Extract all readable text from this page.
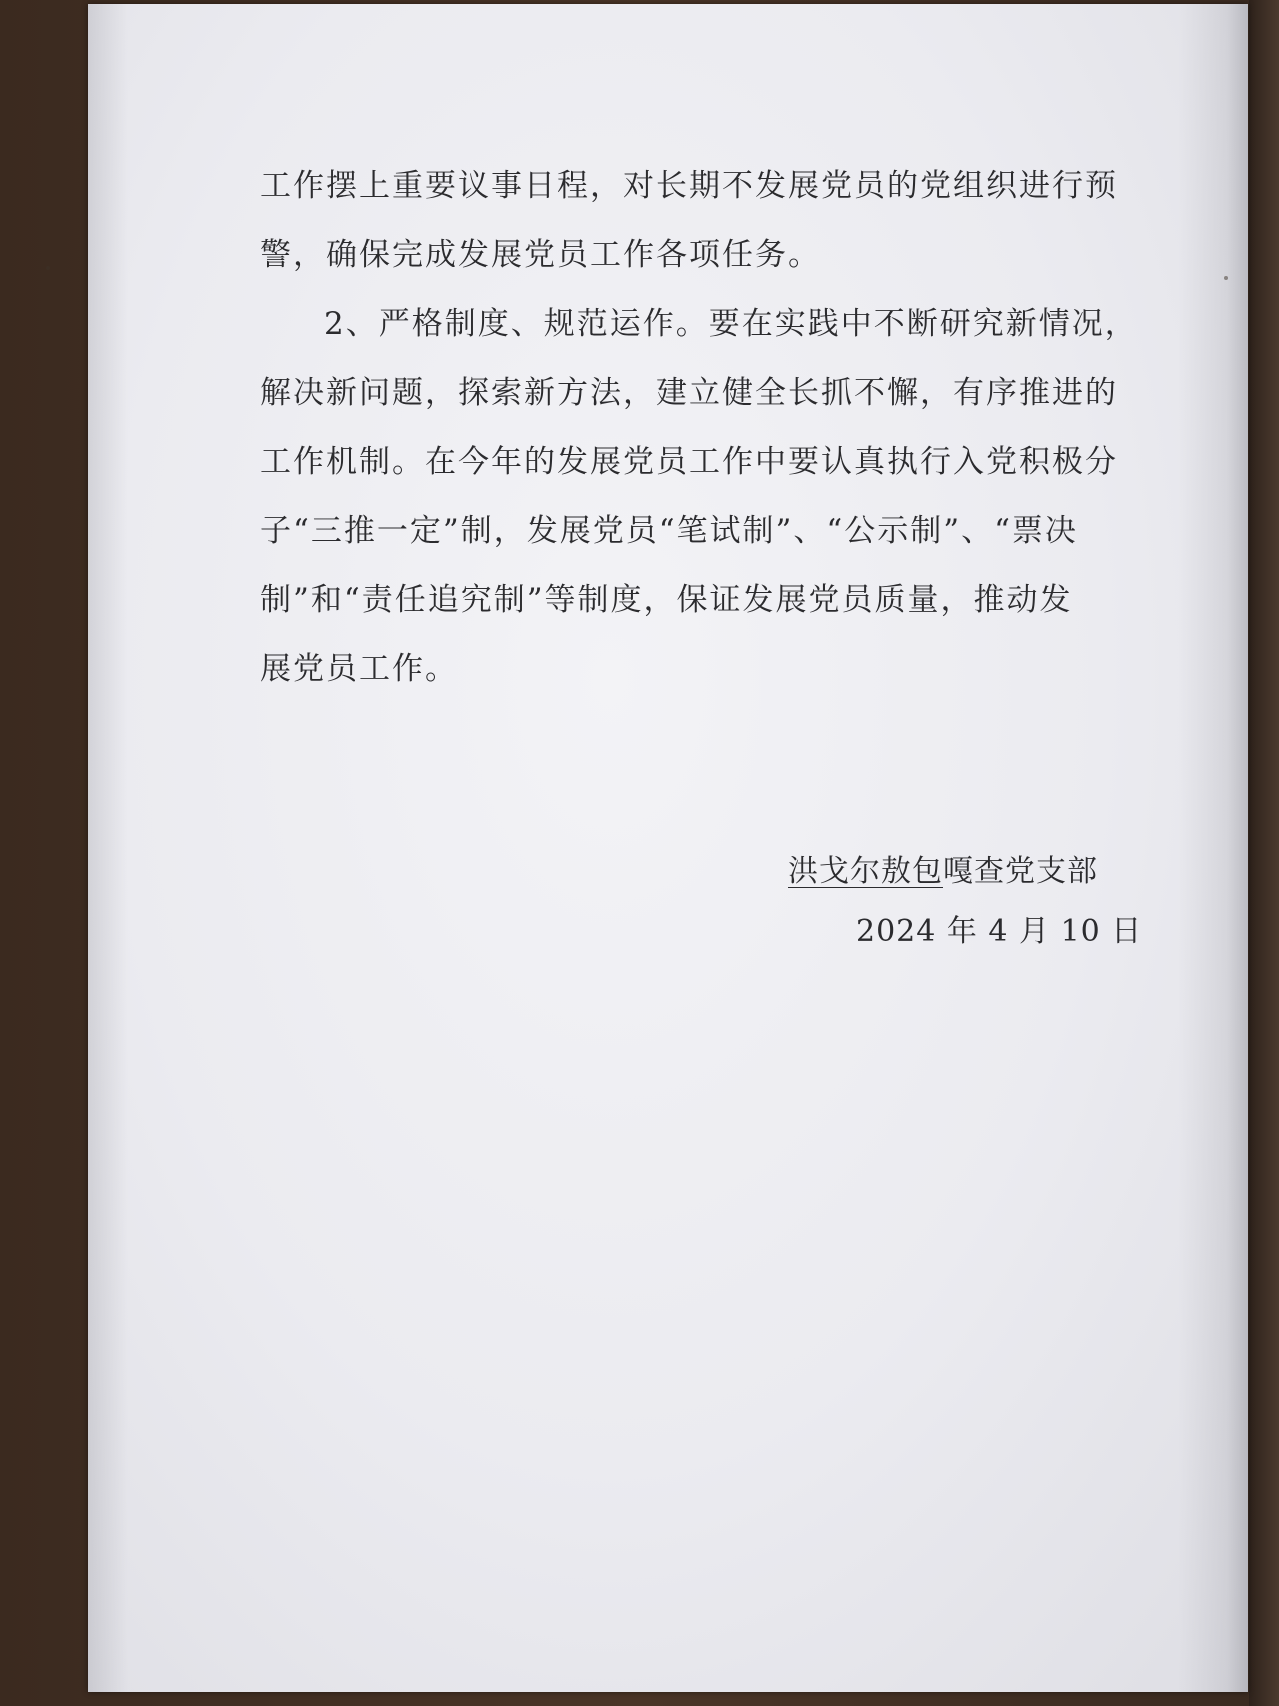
工作摆上重要议事日程，对长期不发展党员的党组织进行预
警，确保完成发展党员工作各项任务。
2、严格制度、规范运作。要在实践中不断研究新情况，
解决新问题，探索新方法，建立健全长抓不懈，有序推进的
工作机制。在今年的发展党员工作中要认真执行入党积极分
子“三推一定”制，发展党员“笔试制”、“公示制”、“票决
制”和“责任追究制”等制度，保证发展党员质量，推动发
展党员工作。
洪戈尔敖包嘎查党支部
2024 年 4 月 10 日
